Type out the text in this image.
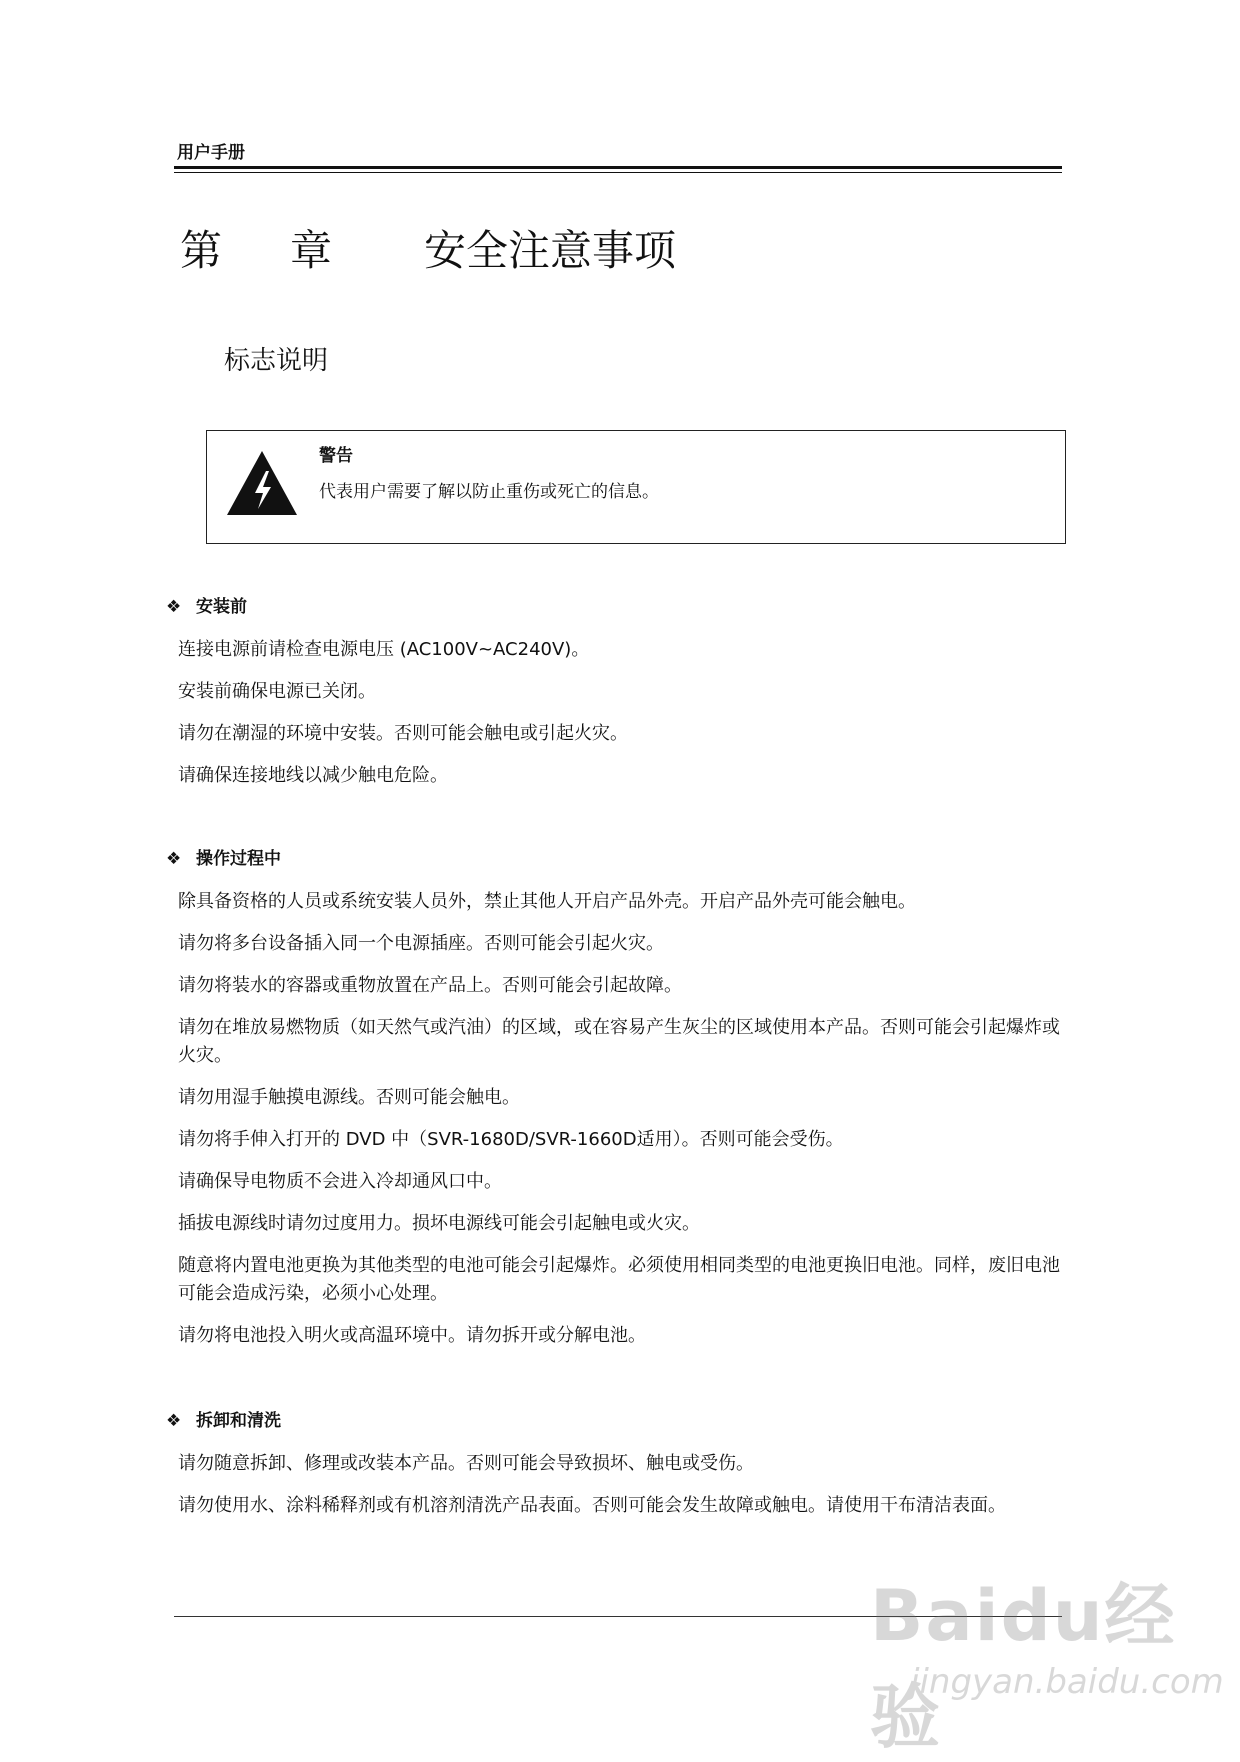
用户手册
第 章 安全注意事项
标志说明
警告
代表用户需要了解以防止重伤或死亡的信息。
❖ 安装前
连接电源前请检查电源电压 (AC100V~AC240V)。
安装前确保电源已关闭。
请勿在潮湿的环境中安装。否则可能会触电或引起火灾。
请确保连接地线以减少触电危险。
❖ 操作过程中
除具备资格的人员或系统安装人员外，禁止其他人开启产品外壳。开启产品外壳可能会触电。
请勿将多台设备插入同一个电源插座。否则可能会引起火灾。
请勿将装水的容器或重物放置在产品上。否则可能会引起故障。
请勿在堆放易燃物质（如天然气或汽油）的区域，或在容易产生灰尘的区域使用本产品。否则可能会引起爆炸或火灾。
请勿用湿手触摸电源线。否则可能会触电。
请勿将手伸入打开的 DVD 中（SVR-1680D/SVR-1660D适用）。否则可能会受伤。
请确保导电物质不会进入冷却通风口中。
插拔电源线时请勿过度用力。损坏电源线可能会引起触电或火灾。
随意将内置电池更换为其他类型的电池可能会引起爆炸。必须使用相同类型的电池更换旧电池。同样，废旧电池可能会造成污染，必须小心处理。
请勿将电池投入明火或高温环境中。请勿拆开或分解电池。
❖ 拆卸和清洗
请勿随意拆卸、修理或改装本产品。否则可能会导致损坏、触电或受伤。
请勿使用水、涂料稀释剂或有机溶剂清洗产品表面。否则可能会发生故障或触电。请使用干布清洁表面。
Baidu经验
jingyan.baidu.com
